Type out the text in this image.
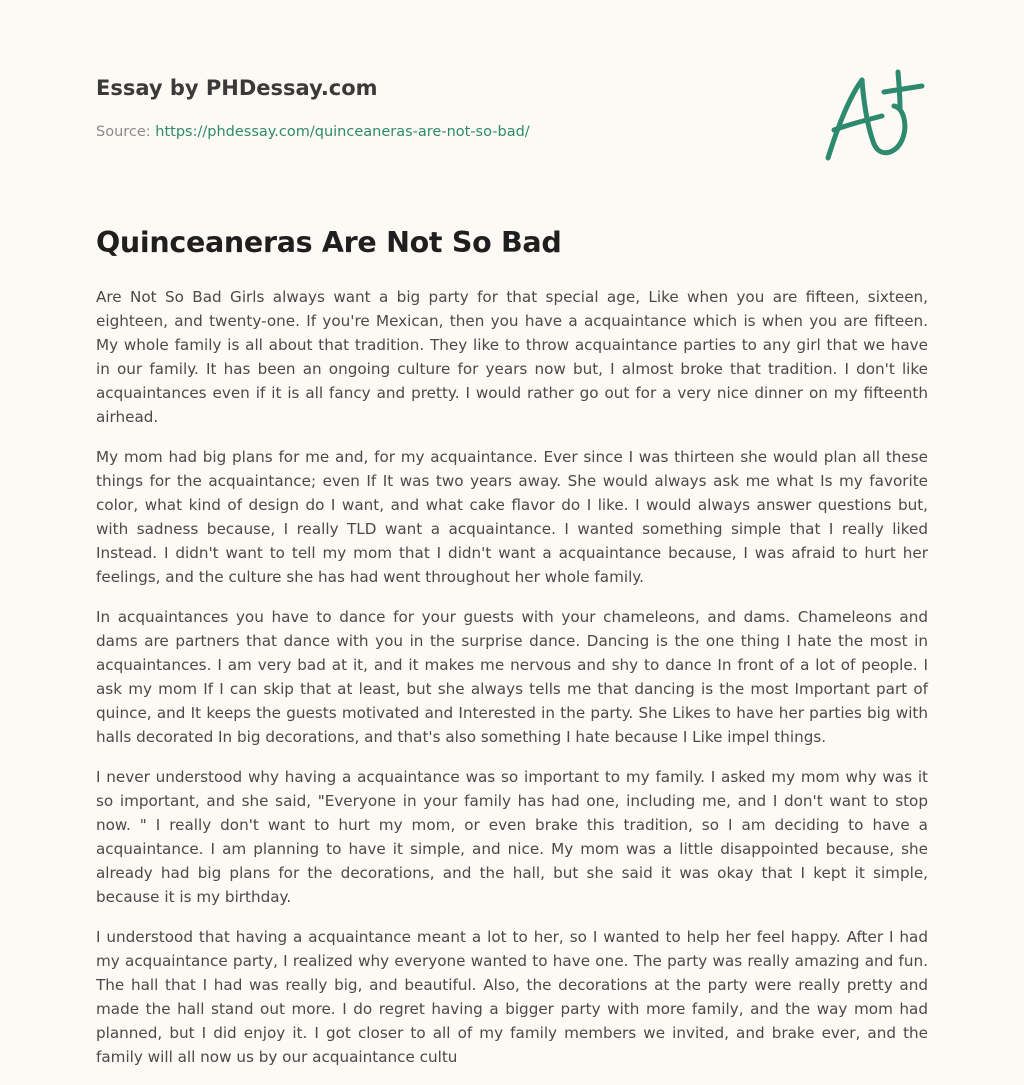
Essay by PHDessay.com
Source: https://phdessay.com/quinceaneras-are-not-so-bad/
Quinceaneras Are Not So Bad

Are Not So Bad Girls always want a big party for that special age, Like when you are fifteen, sixteen, eighteen, and twenty-one. If you're Mexican, then you have a acquaintance which is when you are fifteen. My whole family is all about that tradition. They like to throw acquaintance parties to any girl that we have in our family. It has been an ongoing culture for years now but, I almost broke that tradition. I don't like acquaintances even if it is all fancy and pretty. I would rather go out for a very nice dinner on my fifteenth airhead.

My mom had big plans for me and, for my acquaintance. Ever since I was thirteen she would plan all these things for the acquaintance; even If It was two years away. She would always ask me what Is my favorite color, what kind of design do I want, and what cake flavor do I like. I would always answer questions but, with sadness because, I really TLD want a acquaintance. I wanted something simple that I really liked Instead. I didn't want to tell my mom that I didn't want a acquaintance because, I was afraid to hurt her feelings, and the culture she has had went throughout her whole family.

In acquaintances you have to dance for your guests with your chameleons, and dams. Chameleons and dams are partners that dance with you in the surprise dance. Dancing is the one thing I hate the most in acquaintances. I am very bad at it, and it makes me nervous and shy to dance In front of a lot of people. I ask my mom If I can skip that at least, but she always tells me that dancing is the most Important part of quince, and It keeps the guests motivated and Interested in the party. She Likes to have her parties big with halls decorated In big decorations, and that's also something I hate because I Like impel things.

I never understood why having a acquaintance was so important to my family. I asked my mom why was it so important, and she said, "Everyone in your family has had one, including me, and I don't want to stop now. " I really don't want to hurt my mom, or even brake this tradition, so I am deciding to have a acquaintance. I am planning to have it simple, and nice. My mom was a little disappointed because, she already had big plans for the decorations, and the hall, but she said it was okay that I kept it simple, because it is my birthday.

I understood that having a acquaintance meant a lot to her, so I wanted to help her feel happy. After I had my acquaintance party, I realized why everyone wanted to have one. The party was really amazing and fun. The hall that I had was really big, and beautiful. Also, the decorations at the party were really pretty and made the hall stand out more. I do regret having a bigger party with more family, and the way mom had planned, but I did enjoy it. I got closer to all of my family members we invited, and brake ever, and the family will all now us by our acquaintance cultu
